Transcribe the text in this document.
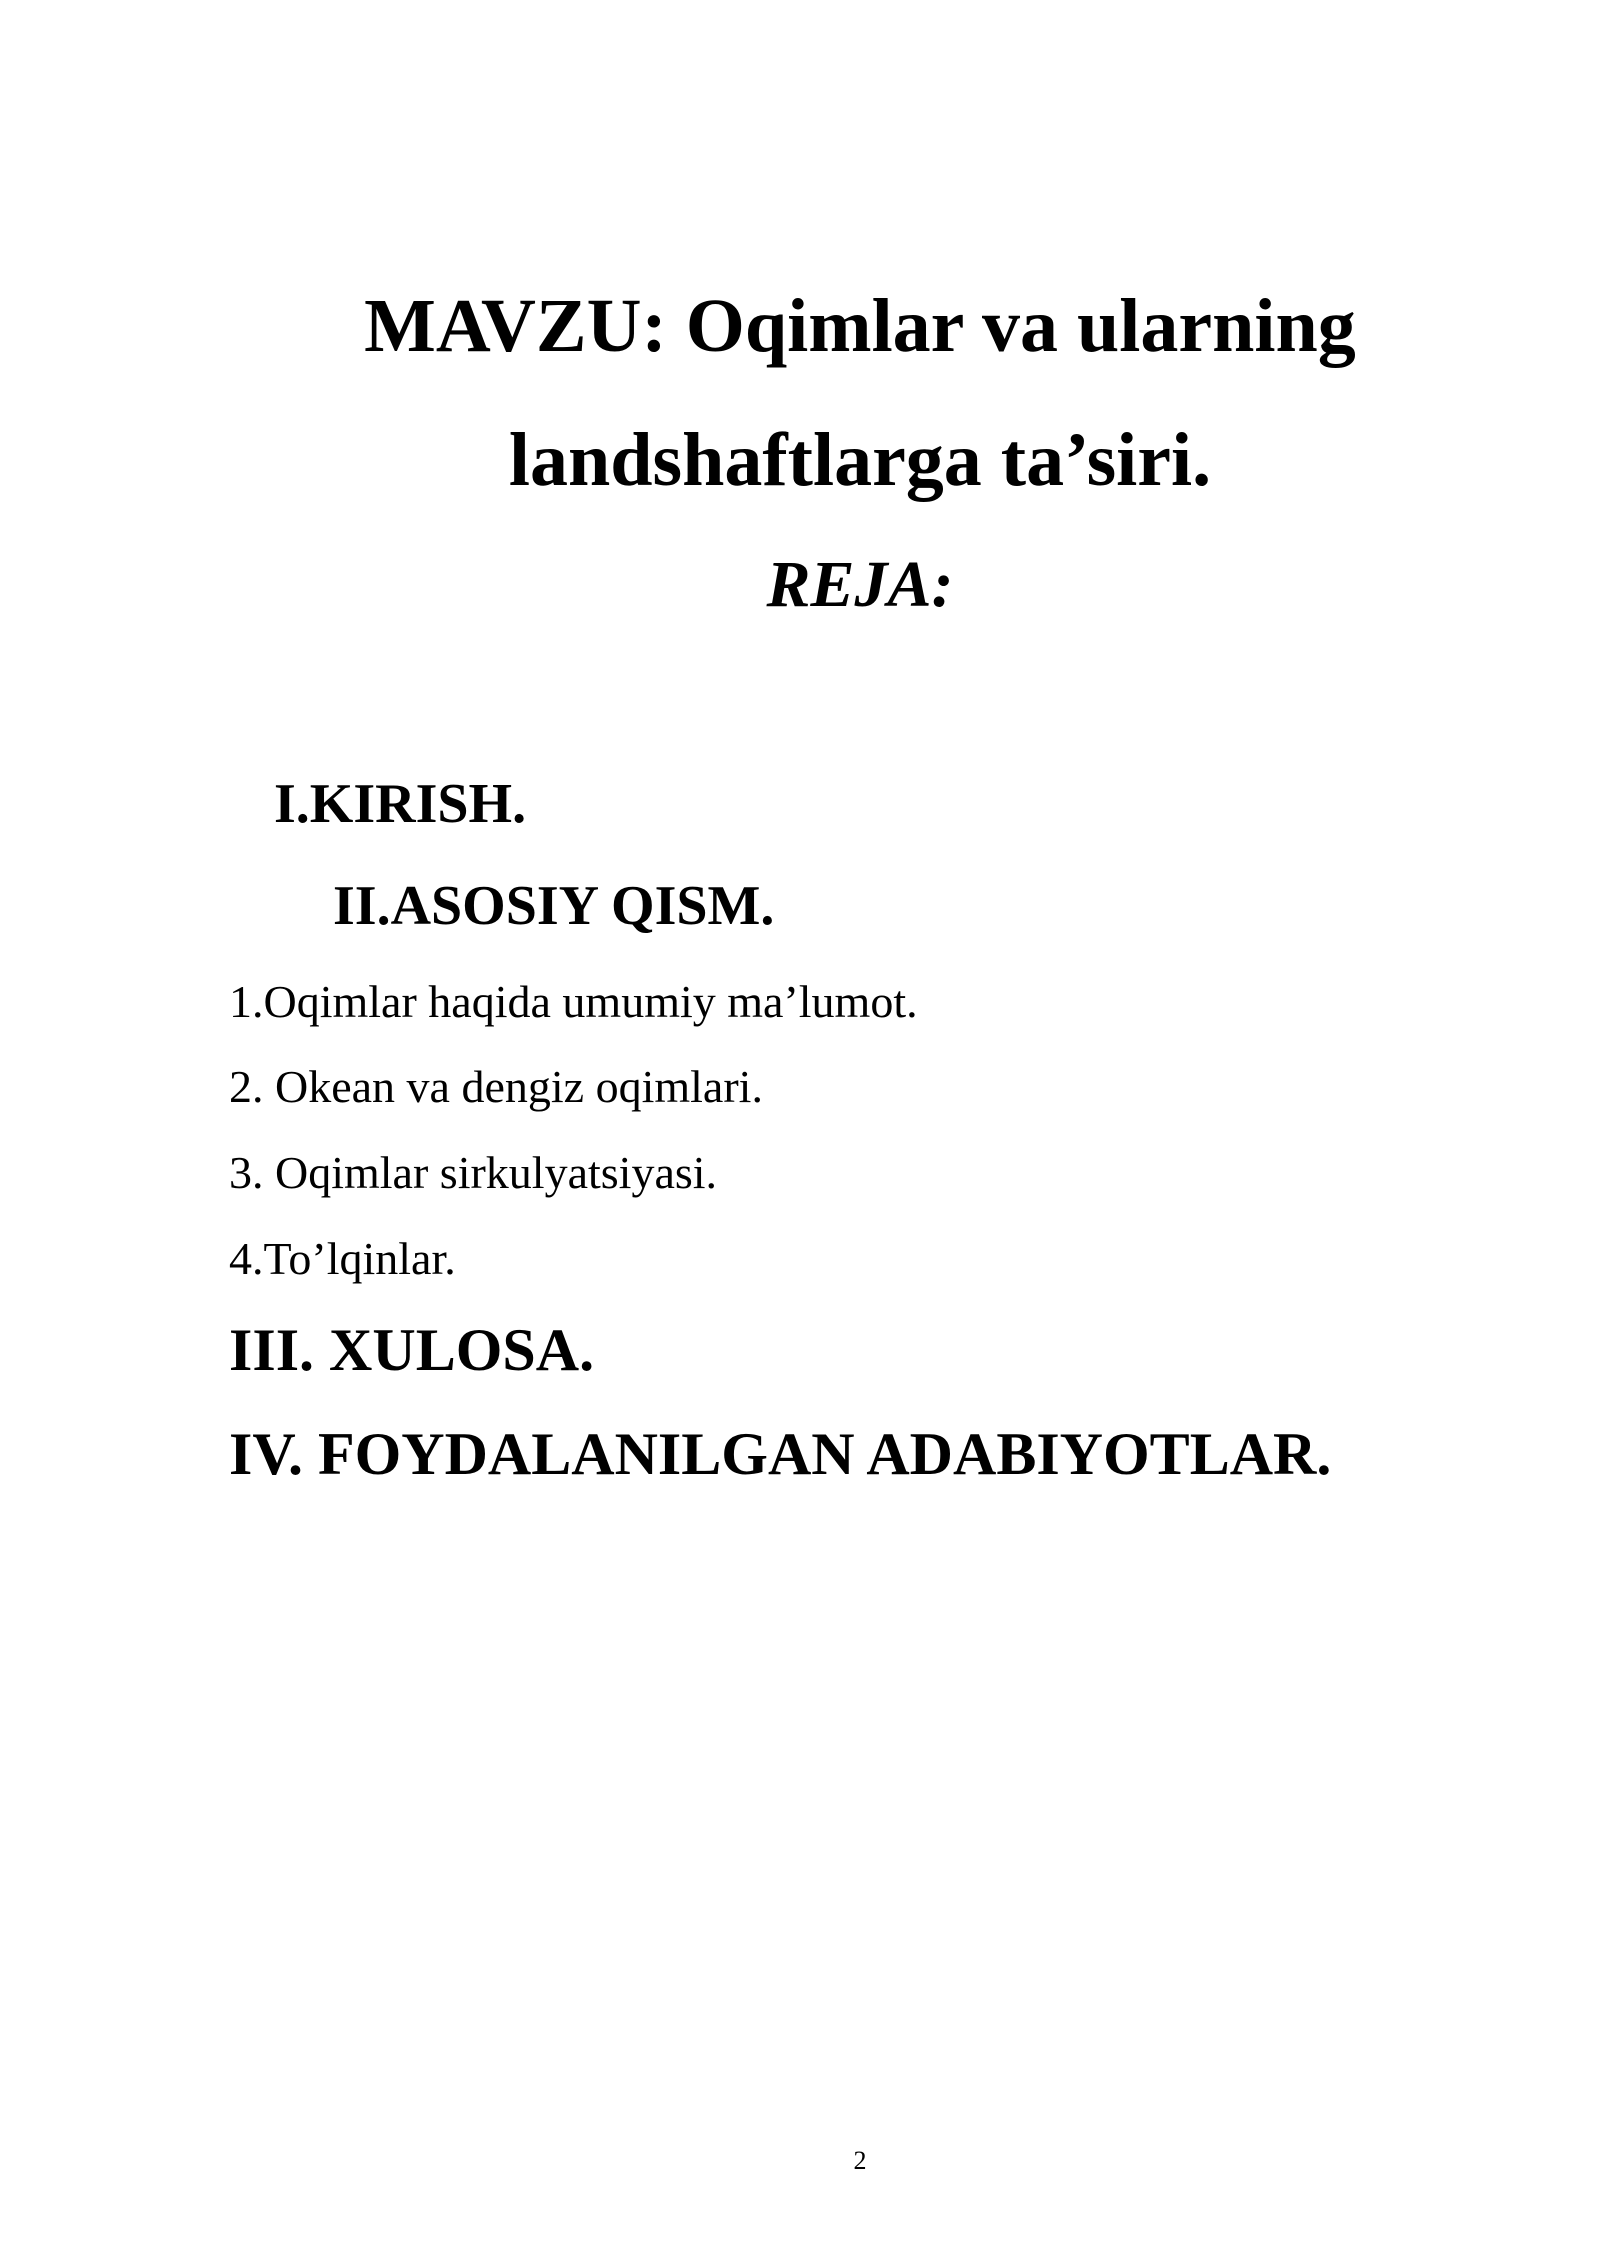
MAVZU: Oqimlar va ularning
landshaftlarga ta’siri.
REJA:
I.KIRISH.
II.ASOSIY QISM.
1.Oqimlar haqida umumiy ma’lumot.
2. Okean va dengiz oqimlari.
3. Oqimlar sirkulyatsiyasi.
4.To’lqinlar.
III. XULOSA.
IV. FOYDALANILGAN ADABIYOTLAR.
2
